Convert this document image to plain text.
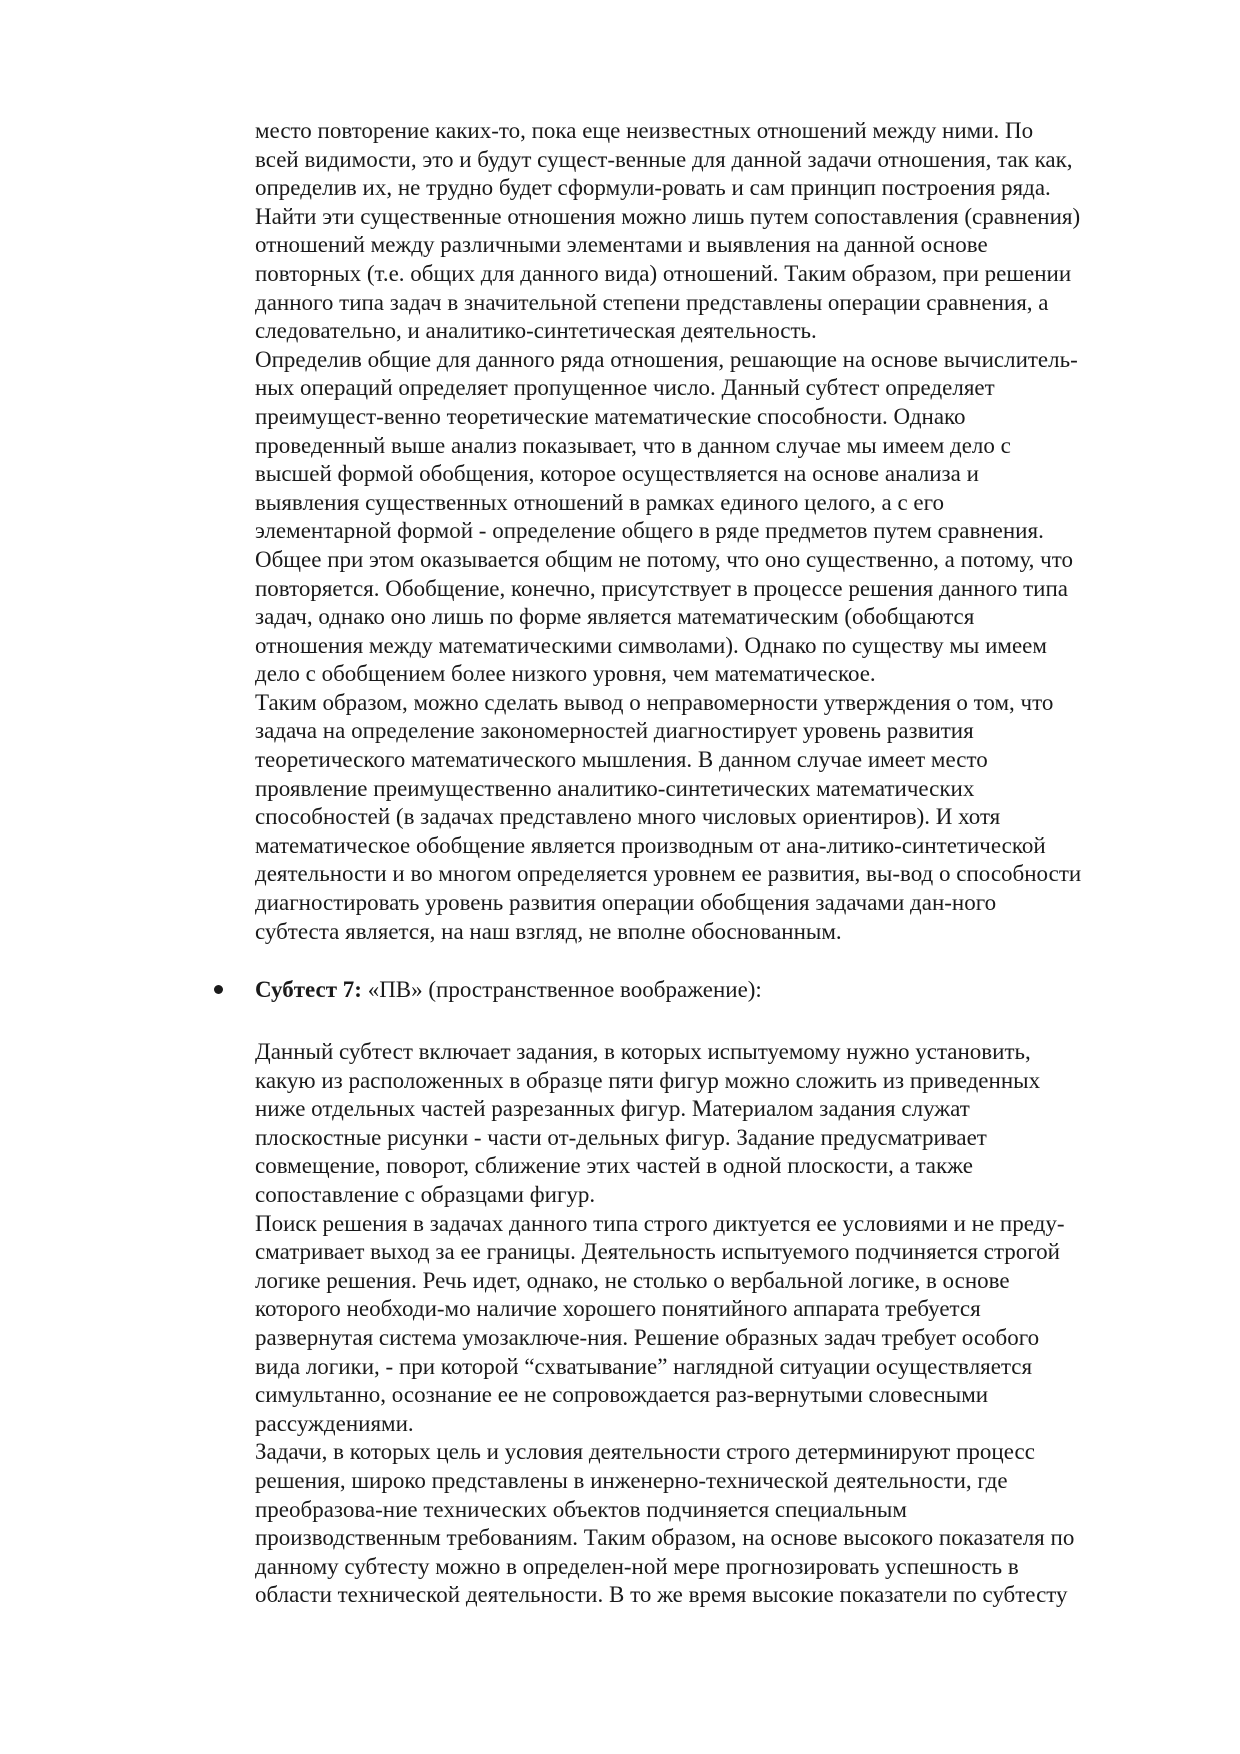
место повторение каких-то, пока еще неизвестных отношений между ними. По
всей видимости, это и будут сущест-венные для данной задачи отношения, так как,
определив их, не трудно будет сформули-ровать и сам принцип построения ряда.
Найти эти существенные отношения можно лишь путем сопоставления (сравнения)
отношений между различными элементами и выявления на данной основе
повторных (т.е. общих для данного вида) отношений. Таким образом, при решении
данного типа задач в значительной степени представлены операции сравнения, а
следовательно, и аналитико-синтетическая деятельность.
Определив общие для данного ряда отношения, решающие на основе вычислитель-
ных операций определяет пропущенное число. Данный субтест определяет
преимущест-венно теоретические математические способности. Однако
проведенный выше анализ показывает, что в данном случае мы имеем дело с
высшей формой обобщения, которое осуществляется на основе анализа и
выявления существенных отношений в рамках единого целого, а с его
элементарной формой - определение общего в ряде предметов путем сравнения.
Общее при этом оказывается общим не потому, что оно существенно, а потому, что
повторяется. Обобщение, конечно, присутствует в процессе решения данного типа
задач, однако оно лишь по форме является математическим (обобщаются
отношения между математическими символами). Однако по существу мы имеем
дело с обобщением более низкого уровня, чем математическое.
Таким образом, можно сделать вывод о неправомерности утверждения о том, что
задача на определение закономерностей диагностирует уровень развития
теоретического математического мышления. В данном случае имеет место
проявление преимущественно аналитико-синтетических математических
способностей (в задачах представлено много числовых ориентиров). И хотя
математическое обобщение является производным от ана-литико-синтетической
деятельности и во многом определяется уровнем ее развития, вы-вод о способности
диагностировать уровень развития операции обобщения задачами дан-ного
субтеста является, на наш взгляд, не вполне обоснованным.
Субтест 7: «ПВ» (пространственное воображение):
Данный субтест включает задания, в которых испытуемому нужно установить,
какую из расположенных в образце пяти фигур можно сложить из приведенных
ниже отдельных частей разрезанных фигур. Материалом задания служат
плоскостные рисунки - части от-дельных фигур. Задание предусматривает
совмещение, поворот, сближение этих частей в одной плоскости, а также
сопоставление с образцами фигур.
Поиск решения в задачах данного типа строго диктуется ее условиями и не преду-
сматривает выход за ее границы. Деятельность испытуемого подчиняется строгой
логике решения. Речь идет, однако, не столько о вербальной логике, в основе
которого необходи-мо наличие хорошего понятийного аппарата требуется
развернутая система умозаключе-ния. Решение образных задач требует особого
вида логики, - при которой “схватывание” наглядной ситуации осуществляется
симультанно, осознание ее не сопровождается раз-вернутыми словесными
рассуждениями.
Задачи, в которых цель и условия деятельности строго детерминируют процесс
решения, широко представлены в инженерно-технической деятельности, где
преобразова-ние технических объектов подчиняется специальным
производственным требованиям. Таким образом, на основе высокого показателя по
данному субтесту можно в определен-ной мере прогнозировать успешность в
области технической деятельности. В то же время высокие показатели по субтесту
